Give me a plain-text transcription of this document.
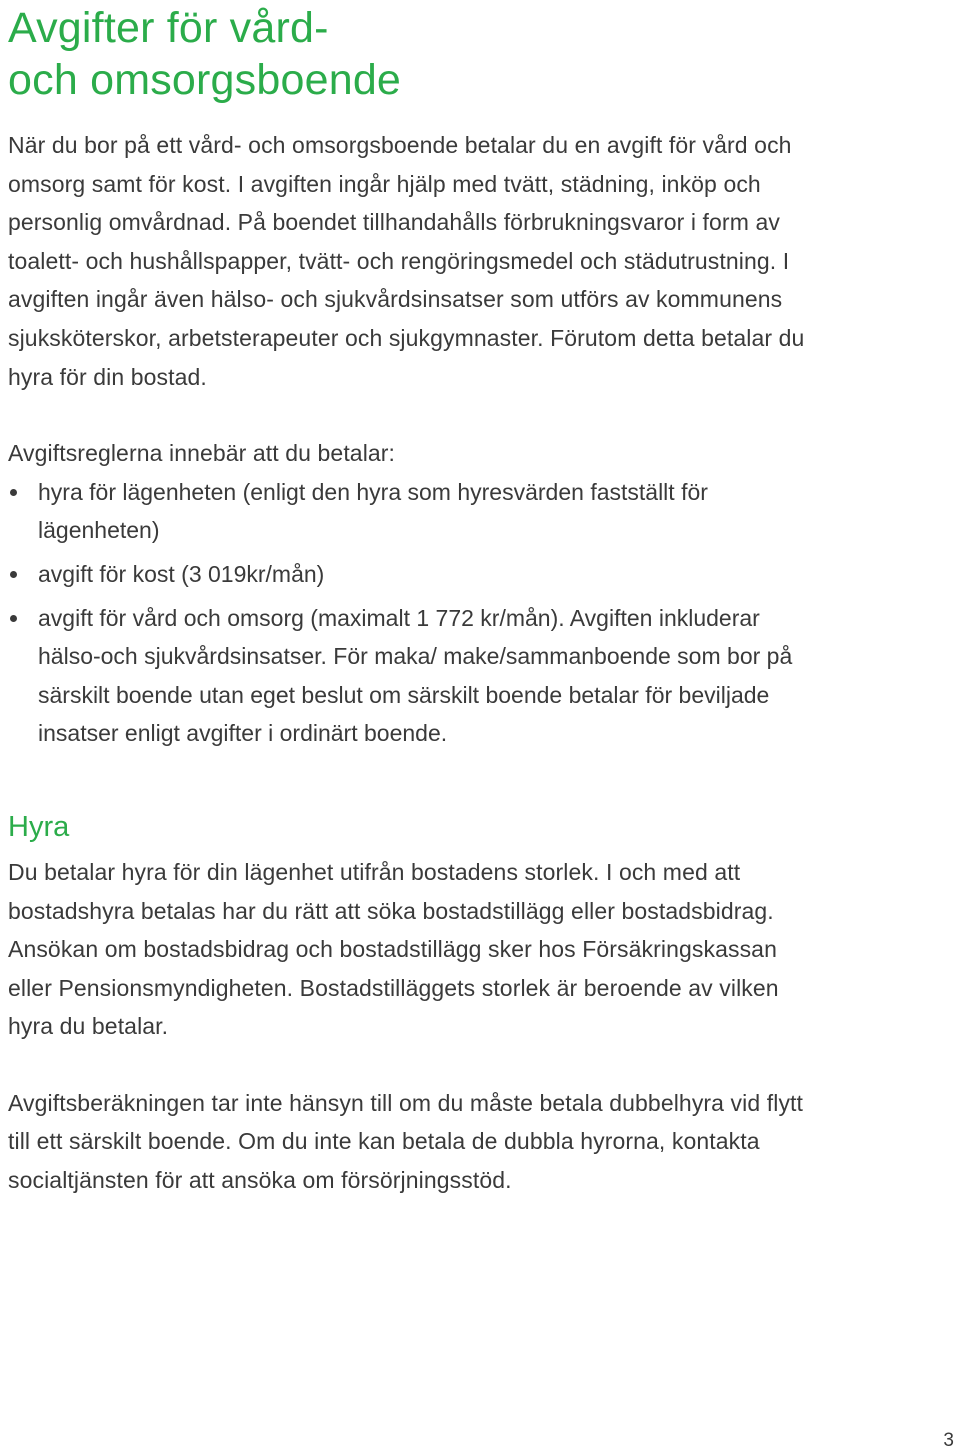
Avgifter för vård-
och omsorgsboende

När du bor på ett vård- och omsorgsboende betalar du en avgift för vård och omsorg samt för kost. I avgiften ingår hjälp med tvätt, städning, inköp och personlig omvårdnad. På boendet tillhandahålls förbrukningsvaror i form av toalett- och hushållspapper, tvätt- och rengöringsmedel och städutrustning. I avgiften ingår även hälso- och sjukvårdsinsatser som utförs av kommunens sjuksköterskor, arbetsterapeuter och sjukgymnaster. Förutom detta betalar du hyra för din bostad.

Avgiftsreglerna innebär att du betalar:

hyra för lägenheten (enligt den hyra som hyresvärden fastställt för lägenheten)
avgift för kost (3 019kr/mån)
avgift för vård och omsorg (maximalt 1 772 kr/mån). Avgiften inkluderar hälso-och sjukvårdsinsatser. För maka/ make/sammanboende som bor på särskilt boende utan eget beslut om särskilt boende betalar för beviljade insatser enligt avgifter i ordinärt boende.
Hyra

Du betalar hyra för din lägenhet utifrån bostadens storlek. I och med att bostadshyra betalas har du rätt att söka bostadstillägg eller bostadsbidrag. Ansökan om bostadsbidrag och bostadstillägg sker hos Försäkringskassan eller Pensionsmyndigheten. Bostadstilläggets storlek är beroende av vilken hyra du betalar.

Avgiftsberäkningen tar inte hänsyn till om du måste betala dubbelhyra vid flytt till ett särskilt boende. Om du inte kan betala de dubbla hyrorna, kontakta socialtjänsten för att ansöka om försörjningsstöd.

3
